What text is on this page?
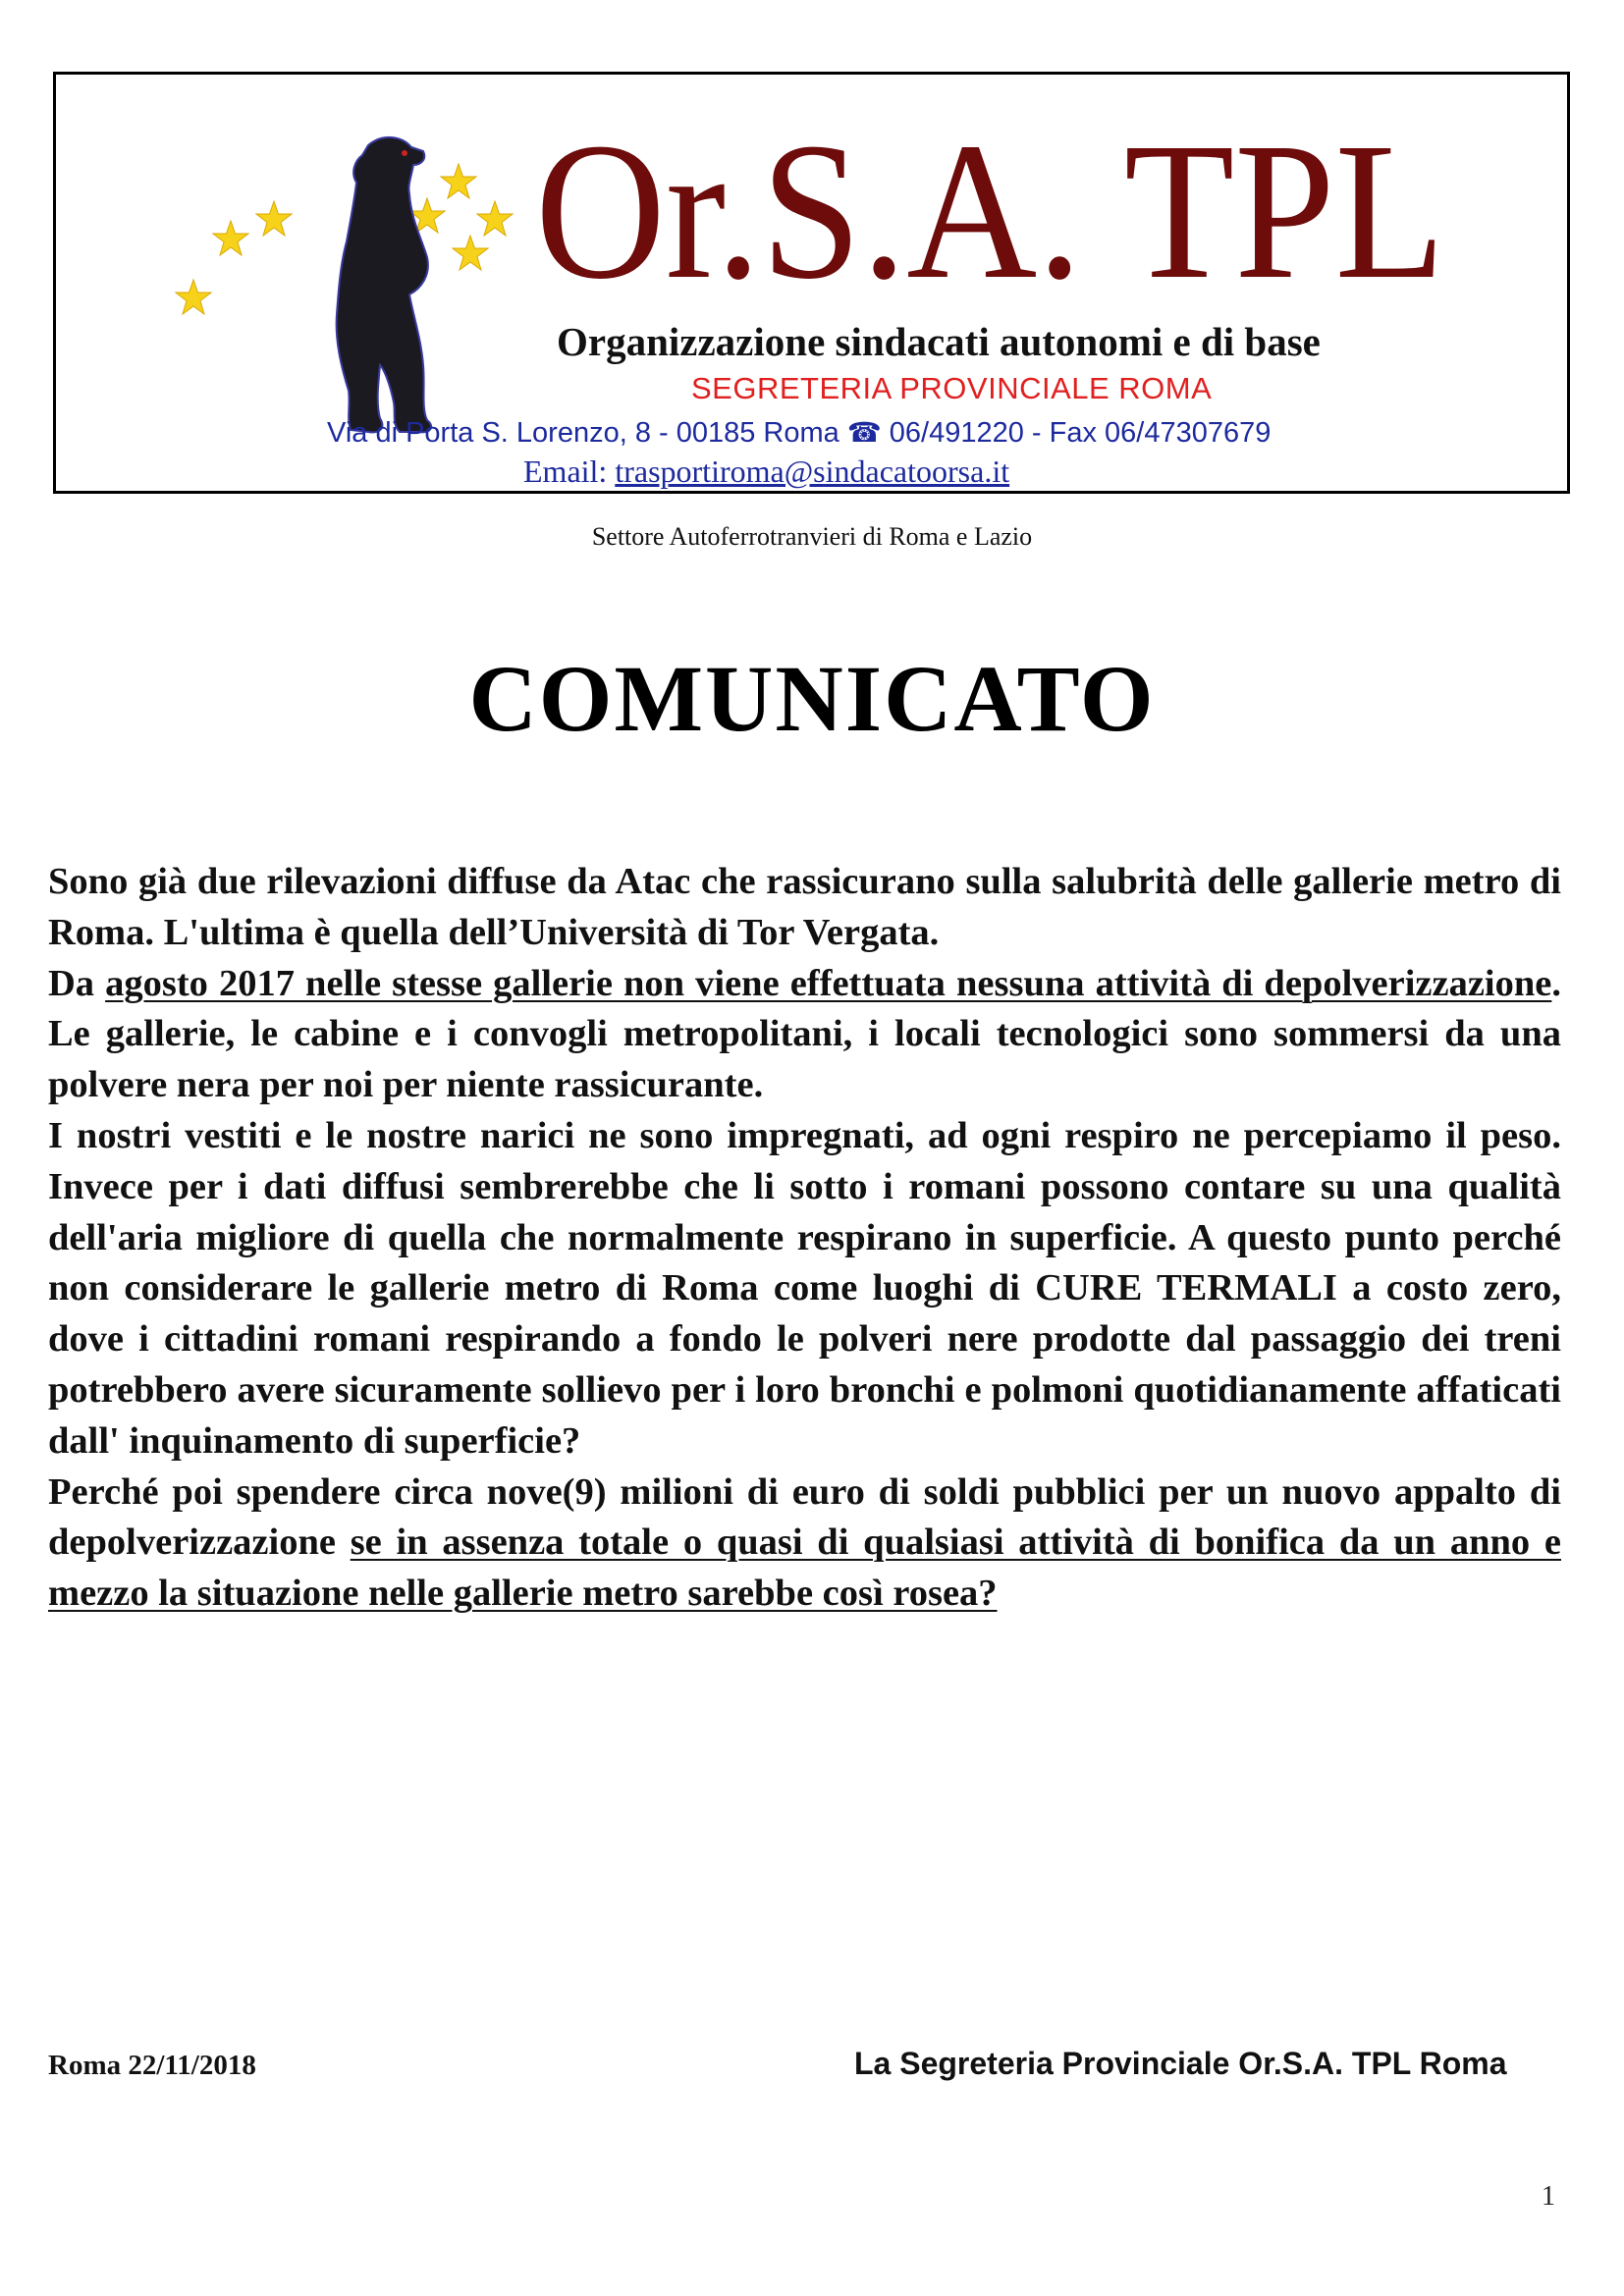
Or.S.A. TPL
Organizzazione sindacati autonomi e di base
SEGRETERIA PROVINCIALE ROMA
Via di Porta S. Lorenzo, 8 - 00185 Roma ☎ 06/491220 - Fax 06/47307679
Email: trasportiroma@sindacatoorsa.it
Settore Autoferrotranvieri di Roma e Lazio
COMUNICATO

Sono già due rilevazioni diffuse da Atac che rassicurano sulla salubrità delle gallerie metro di Roma. L'ultima è quella dell’Università di Tor Vergata.

Da agosto 2017 nelle stesse gallerie non viene effettuata nessuna attività di depolverizzazione. Le gallerie, le cabine e i convogli metropolitani, i locali tecnologici sono sommersi da una polvere nera per noi per niente rassicurante.

I nostri vestiti e le nostre narici ne sono impregnati, ad ogni respiro ne percepiamo il peso. Invece per i dati diffusi sembrerebbe che li sotto i romani possono contare su una qualità dell'aria migliore di quella che normalmente respirano in superficie. A questo punto perché non considerare le gallerie metro di Roma come luoghi di CURE TERMALI a costo zero, dove i cittadini romani respirando a fondo le polveri nere prodotte dal passaggio dei treni potrebbero avere sicuramente sollievo per i loro bronchi e polmoni quotidianamente affaticati dall' inquinamento di superficie?

Perché poi spendere circa nove(9) milioni di euro di soldi pubblici per un nuovo appalto di depolverizzazione se in assenza totale o quasi di qualsiasi attività di bonifica da un anno e mezzo la situazione nelle gallerie metro sarebbe così rosea?

Roma 22/11/2018	La Segreteria Provinciale Or.S.A. TPL Roma
1
